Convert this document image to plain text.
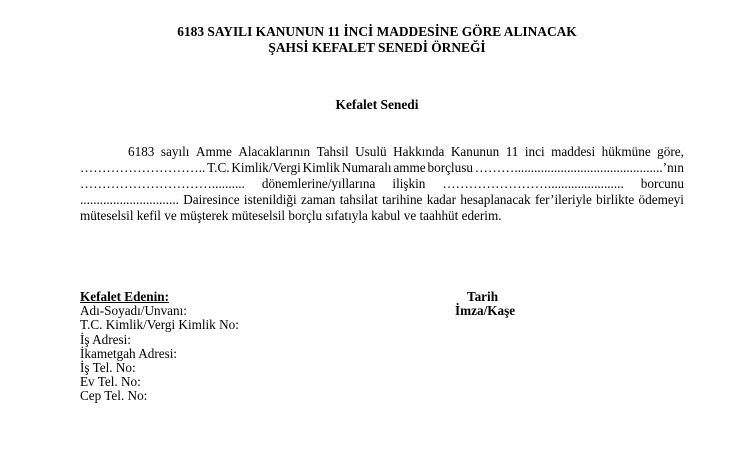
6183 SAYILI KANUNUN 11 İNCİ MADDESİNE GÖRE ALINACAK
ŞAHSİ KEFALET SENEDİ ÖRNEĞİ
Kefalet Senedi
6183 sayılı Amme Alacaklarının Tahsil Usulü Hakkında Kanunun 11 inci maddesi hükmüne göre,
……………………….. T.C. Kimlik/Vergi Kimlik Numaralı amme borçlusu ……….............................................’nın
………………………….......... dönemlerine/yıllarına ilişkin ……………………....................... borcunu
.............................. Dairesince istenildiği zaman tahsilat tarihine kadar hesaplanacak fer’ileriyle birlikte ödemeyi
müteselsil kefil ve müşterek müteselsil borçlu sıfatıyla kabul ve taahhüt ederim.
Kefalet Edenin:
Adı-Soyadı/Unvanı:
T.C. Kimlik/Vergi Kimlik No:
İş Adresi:
İkametgah Adresi:
İş Tel. No:
Ev Tel. No:
Cep Tel. No:
Tarih
İmza/Kaşe
